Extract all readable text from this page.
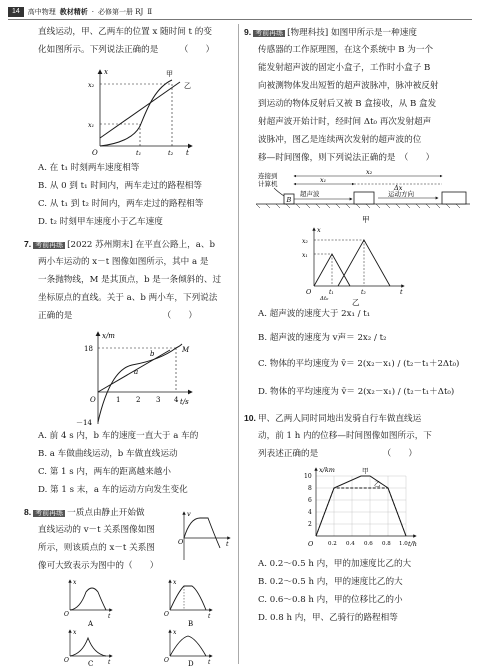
14	高中物理 教材精析 · 必修第一册 RJ Ⅱ
直线运动，甲、乙两车的位置 x 随时间 t 的变
化如图所示。下列说法正确的是　　　（　　）
x
t
O
x₁
x₂
t₁	t₂
甲
乙
A. 在 t₁ 时刻两车速度相等
B. 从 0 到 t₁ 时间内，两车走过的路程相等
C. 从 t₁ 到 t₂ 时间内，两车走过的路程相等
D. t₂ 时刻甲车速度小于乙车速度
7. 考前再练 [2022 苏州期末] 在平直公路上，a、b
两小车运动的 x－t 图像如图所示，其中 a 是
一条抛物线，M 是其顶点，b 是一条倾斜的、过
坐标原点的直线。关于 a、b 两小车，下列说法
正确的是　　　　　　　　　　　（　　）
x/m
t/s
18
－14
O	1 2 3 4
a
b	M
A. 前 4 s 内，b 车的速度一直大于 a 车的
B. a 车做曲线运动，b 车做直线运动
C. 第 1 s 内，两车的距离越来越小
D. 第 1 s 末，a 车的运动方向发生变化
8. 考前再练 一质点由静止开始做
直线运动的 v－t 关系图像如图
所示，则该质点的 x－t 关系图
像可大致表示为图中的（　　）
v
t
O
x
t
O
A
x
t
O
B
x
t
O	C
x
t
O	D
9. 考前再练 [物理科技] 如图甲所示是一种速度
传感器的工作原理图，在这个系统中 B 为一个
能发射超声波的固定小盒子，工作时小盒子 B
向被测物体发出短暂的超声波脉冲，脉冲被反射
到运动的物体反射后又被 B 盒接收，从 B 盒发
射超声波开始计时，经时间 Δt₀ 再次发射超声
波脉冲，图乙是连续两次发射的超声波的位
移—时间图像，则下列说法正确的是　（　　）
B
连接到
计算机
超声波	运动方向
x₁
x₂
Δx
甲
x
t
O
x₁
x₂
t₁	t₂
Δt₀	乙
A. 超声波的速度大于 2x₁ / t₁
B. 超声波的速度为 v声＝ 2x₂ / t₂
C. 物体的平均速度为 v̄＝ 2(x₂－x₁) / (t₂－t₁＋2Δt₀)
D. 物体的平均速度为 v̄＝ 2(x₂－x₁) / (t₂－t₁＋Δt₀)
10. 甲、乙两人同时同地出发骑自行车做直线运
动，前 1 h 内的位移—时间图像如图所示，下
列表述正确的是　　　　　　　　（　　）
x/km
t/h
O
2
4
6
8
10
0.2 0.4 0.6 0.8 1.0
甲
乙
A. 0.2～0.5 h 内，甲的加速度比乙的大
B. 0.2～0.5 h 内，甲的速度比乙的大
C. 0.6～0.8 h 内，甲的位移比乙的小
D. 0.8 h 内，甲、乙骑行的路程相等
